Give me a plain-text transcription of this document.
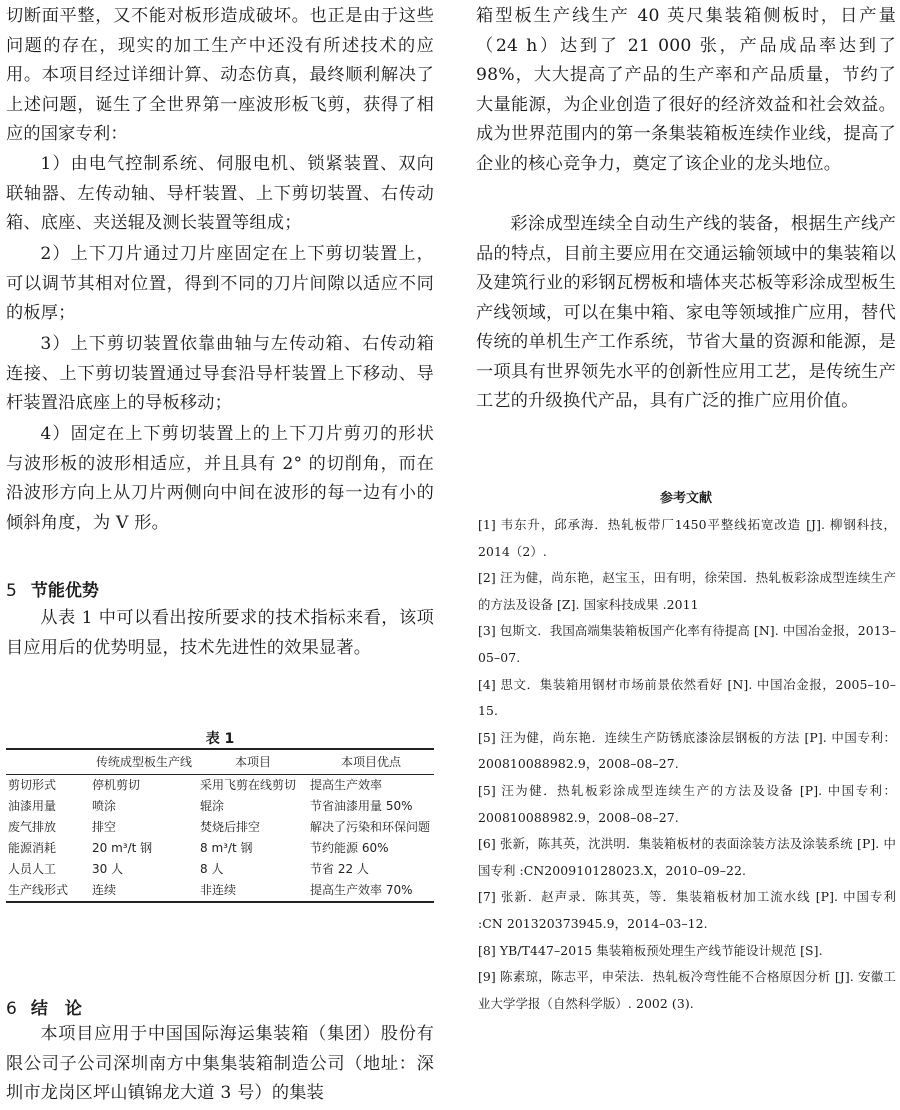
切断面平整，又不能对板形造成破坏。也正是由于这些问题的存在，现实的加工生产中还没有所述技术的应用。本项目经过详细计算、动态仿真，最终顺利解决了上述问题，诞生了全世界第一座波形板飞剪，获得了相应的国家专利：

1）由电气控制系统、伺服电机、锁紧装置、双向联轴器、左传动轴、导杆装置、上下剪切装置、右传动箱、底座、夹送辊及测长装置等组成；

2）上下刀片通过刀片座固定在上下剪切装置上，可以调节其相对位置，得到不同的刀片间隙以适应不同的板厚；

3）上下剪切装置依靠曲轴与左传动箱、右传动箱连接、上下剪切装置通过导套沿导杆装置上下移动、导杆装置沿底座上的导板移动；

4）固定在上下剪切装置上的上下刀片剪刃的形状与波形板的波形相适应，并且具有 2° 的切削角，而在沿波形方向上从刀片两侧向中间在波形的每一边有小的倾斜角度，为 V 形。

5 节能优势

从表 1 中可以看出按所要求的技术指标来看，该项目应用后的优势明显，技术先进性的效果显著。

表 1

	传统成型板生产线	本项目	本项目优点
剪切形式	停机剪切	采用飞剪在线剪切	提高生产效率
油漆用量	喷涂	辊涂	节省油漆用量 50%
废气排放	排空	焚烧后排空	解决了污染和环保问题
能源消耗	20 m³/t 钢	8 m³/t 钢	节约能源 60%
人员人工	30 人	8 人	节省 22 人
生产线形式	连续	非连续	提高生产效率 70%

6 结　论

本项目应用于中国国际海运集装箱（集团）股份有限公司子公司深圳南方中集集装箱制造公司（地址：深圳市龙岗区坪山镇锦龙大道 3 号）的集装

箱型板生产线生产 40 英尺集装箱侧板时，日产量（24 h）达到了 21 000 张，产品成品率达到了 98%，大大提高了产品的生产率和产品质量，节约了大量能源，为企业创造了很好的经济效益和社会效益。成为世界范围内的第一条集装箱板连续作业线，提高了企业的核心竞争力，奠定了该企业的龙头地位。

彩涂成型连续全自动生产线的装备，根据生产线产品的特点，目前主要应用在交通运输领域中的集装箱以及建筑行业的彩钢瓦楞板和墙体夹芯板等彩涂成型板生产线领域，可以在集中箱、家电等领域推广应用，替代传统的单机生产工作系统，节省大量的资源和能源，是一项具有世界领先水平的创新性应用工艺，是传统生产工艺的升级换代产品，具有广泛的推广应用价值。

参考文献

[1] 韦东升，邱承海．热轧板带厂1450平整线拓宽改造 [J]. 柳钢科技，2014（2）.
[2] 汪为健，尚东艳，赵宝玉，田有明，徐荣国．热轧板彩涂成型连续生产的方法及设备 [Z]. 国家科技成果 .2011
[3] 包斯文．我国高端集装箱板国产化率有待提高 [N]. 中国冶金报，2013–05–07.
[4] 思文．集装箱用钢材市场前景依然看好 [N]. 中国冶金报，2005–10–15.
[5] 汪为健，尚东艳．连续生产防锈底漆涂层钢板的方法 [P]. 中国专利：200810088982.9，2008–08–27.
[5] 汪为健．热轧板彩涂成型连续生产的方法及设备 [P]. 中国专利：200810088982.9，2008–08–27.
[6] 张新，陈其英，沈洪明．集装箱板材的表面涂装方法及涂装系统 [P]. 中国专利 :CN200910128023.X，2010–09–22.
[7] 张新．赵声录．陈其英，等．集装箱板材加工流水线 [P]. 中国专利 :CN 201320373945.9，2014–03–12.
[8] YB/T447–2015 集装箱板预处理生产线节能设计规范 [S].
[9] 陈素琼，陈志平，申荣法．热轧板冷弯性能不合格原因分析 [J]. 安徽工业大学学报（自然科学版）. 2002 (3).
